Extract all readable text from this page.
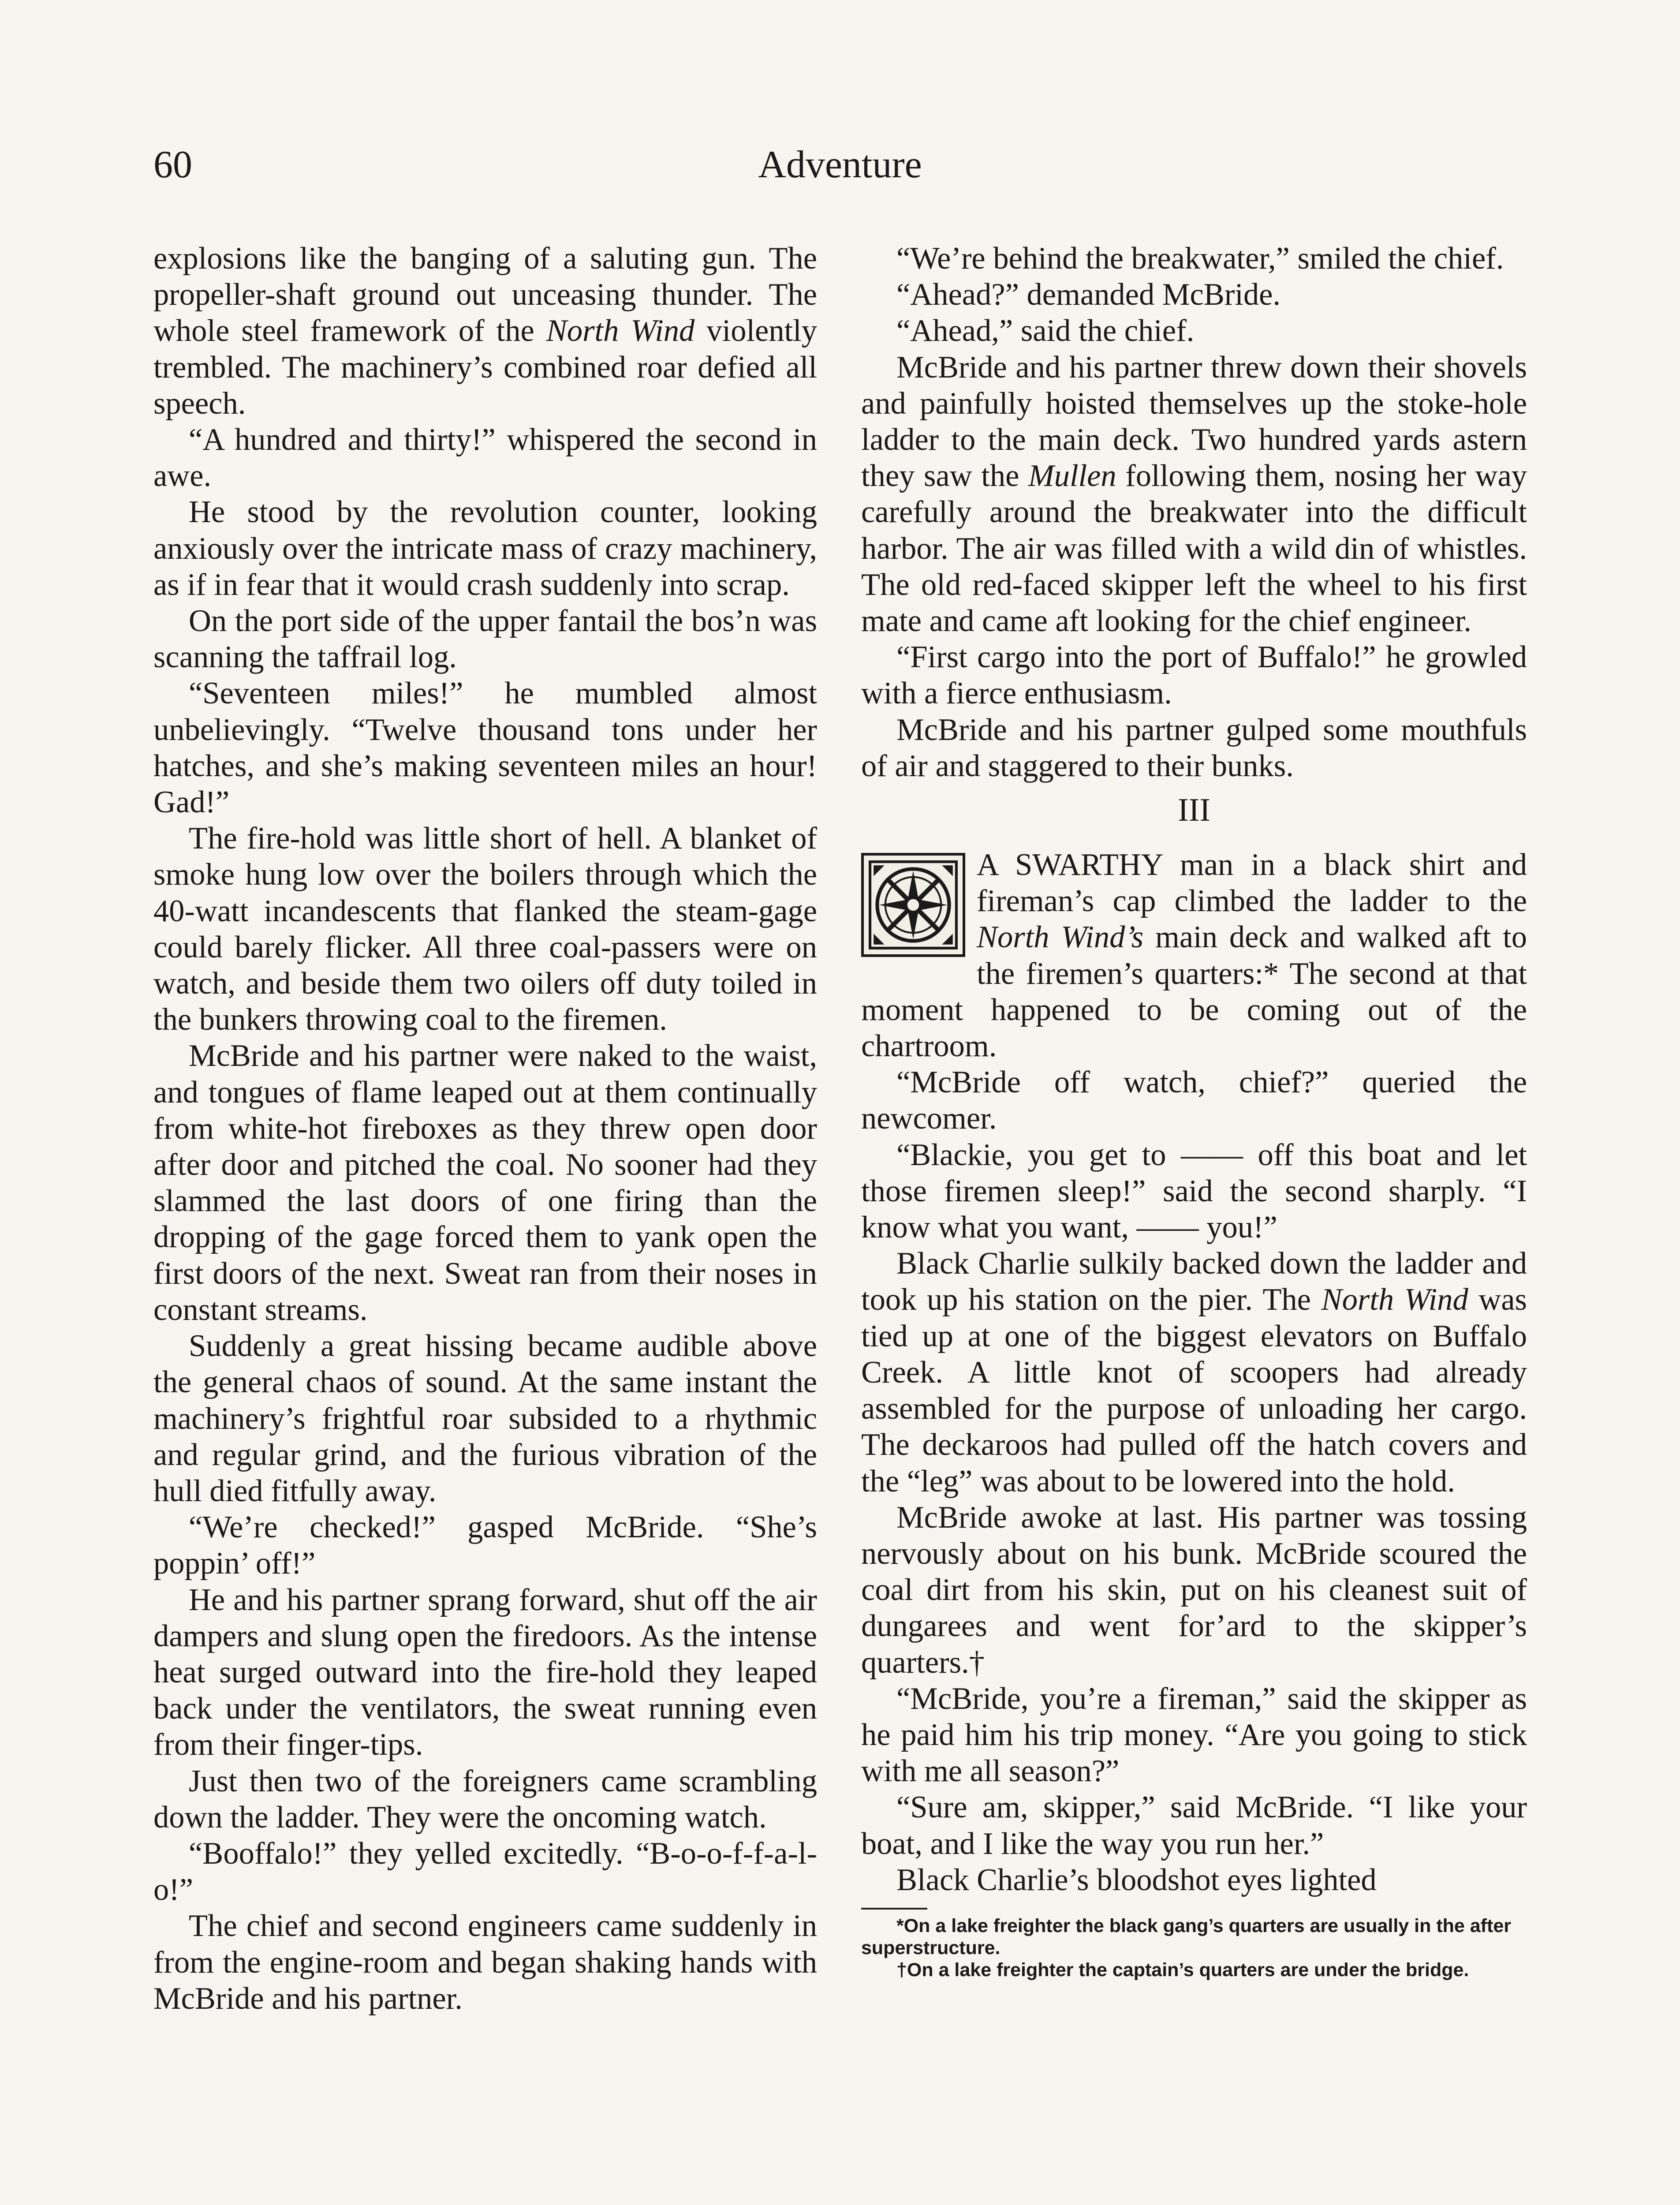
60	Adventure

explosions like the banging of a saluting gun. The propeller-shaft ground out unceasing thunder. The whole steel framework of the North Wind violently trembled. The machinery’s combined roar defied all speech.

“A hundred and thirty!” whispered the second in awe.

He stood by the revolution counter, looking anxiously over the intricate mass of crazy machinery, as if in fear that it would crash suddenly into scrap.

On the port side of the upper fantail the bos’n was scanning the taffrail log.

“Seventeen miles!” he mumbled almost unbelievingly. “Twelve thousand tons under her hatches, and she’s making seventeen miles an hour! Gad!”

The fire-hold was little short of hell. A blanket of smoke hung low over the boilers through which the 40-watt incandescents that flanked the steam-gage could barely flicker. All three coal-passers were on watch, and beside them two oilers off duty toiled in the bunkers throwing coal to the firemen.

McBride and his partner were naked to the waist, and tongues of flame leaped out at them continually from white-hot fireboxes as they threw open door after door and pitched the coal. No sooner had they slammed the last doors of one firing than the dropping of the gage forced them to yank open the first doors of the next. Sweat ran from their noses in constant streams.

Suddenly a great hissing became audible above the general chaos of sound. At the same instant the machinery’s frightful roar subsided to a rhythmic and regular grind, and the furious vibration of the hull died fitfully away.

“We’re checked!” gasped McBride. “She’s poppin’ off!”

He and his partner sprang forward, shut off the air dampers and slung open the firedoors. As the intense heat surged outward into the fire-hold they leaped back under the ventilators, the sweat running even from their finger-tips.

Just then two of the foreigners came scrambling down the ladder. They were the oncoming watch.

“Booffalo!” they yelled excitedly. “B-o-o-f-f-a-l-o!”

The chief and second engineers came suddenly in from the engine-room and began shaking hands with McBride and his partner.

“We’re behind the breakwater,” smiled the chief.

“Ahead?” demanded McBride.

“Ahead,” said the chief.

McBride and his partner threw down their shovels and painfully hoisted themselves up the stoke-hole ladder to the main deck. Two hundred yards astern they saw the Mullen following them, nosing her way carefully around the breakwater into the difficult harbor. The air was filled with a wild din of whistles. The old red-faced skipper left the wheel to his first mate and came aft looking for the chief engineer.

“First cargo into the port of Buffalo!” he growled with a fierce enthusiasm.

McBride and his partner gulped some mouthfuls of air and staggered to their bunks.

III

A SWARTHY man in a black shirt and fireman’s cap climbed the ladder to the North Wind’s main deck and walked aft to the firemen’s quarters:* The second at that moment happened to be coming out of the chartroom.

“McBride off watch, chief?” queried the newcomer.

“Blackie, you get to —— off this boat and let those firemen sleep!” said the second sharply. “I know what you want, —— you!”

Black Charlie sulkily backed down the ladder and took up his station on the pier. The North Wind was tied up at one of the biggest elevators on Buffalo Creek. A little knot of scoopers had already assembled for the purpose of unloading her cargo. The deckaroos had pulled off the hatch covers and the “leg” was about to be lowered into the hold.

McBride awoke at last. His partner was tossing nervously about on his bunk. McBride scoured the coal dirt from his skin, put on his cleanest suit of dungarees and went for’ard to the skipper’s quarters.†

“McBride, you’re a fireman,” said the skipper as he paid him his trip money. “Are you going to stick with me all season?”

“Sure am, skipper,” said McBride. “I like your boat, and I like the way you run her.”

Black Charlie’s bloodshot eyes lighted

*On a lake freighter the black gang’s quarters are usually in the after superstructure.

†On a lake freighter the captain’s quarters are under the bridge.
